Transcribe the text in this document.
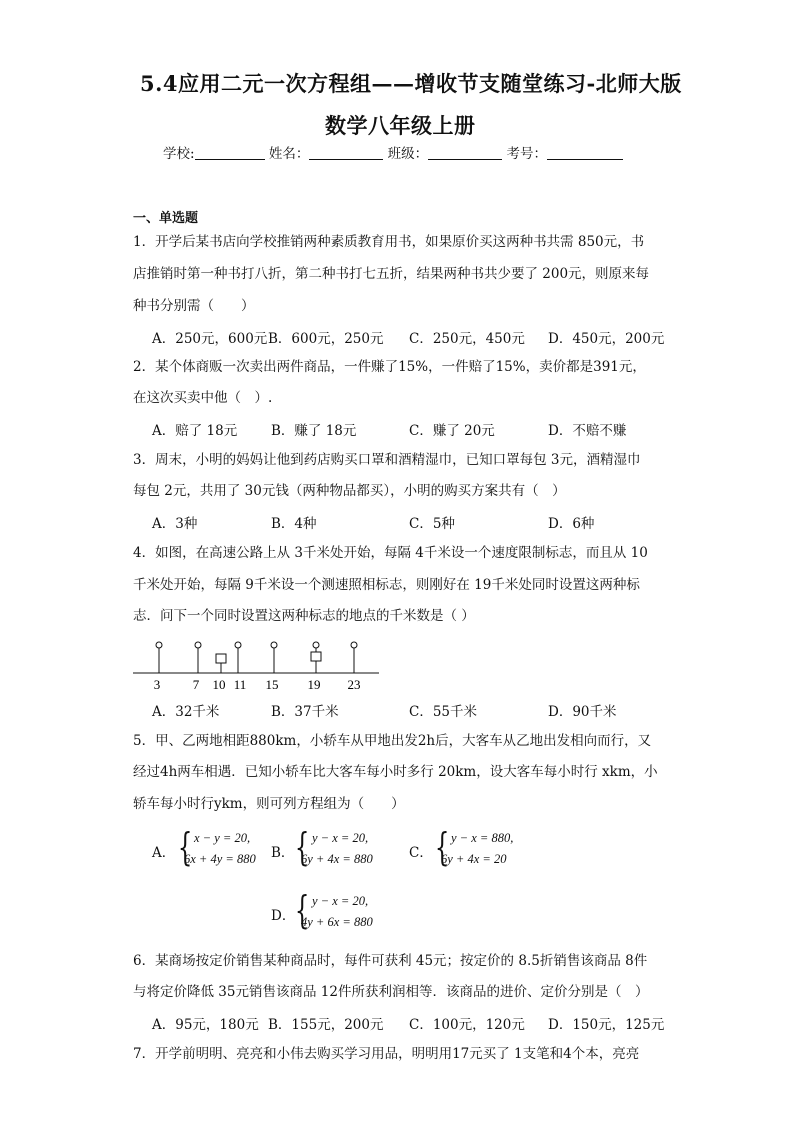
5.4应用二元一次方程组——增收节支随堂练习-北师大版
数学八年级上册
学校:	姓名：	班级：	考号：
一、单选题
1．开学后某书店向学校推销两种素质教育用书，如果原价买这两种书共需 850元，书
店推销时第一种书打八折，第二种书打七五折，结果两种书共少要了 200元，则原来每
种书分别需（　　）
A．250元，600元 B．600元，250元 C．250元，450元 D．450元，200元
2．某个体商贩一次卖出两件商品，一件赚了15%，一件赔了15%，卖价都是391元，
在这次买卖中他（　）.
A．赔了 18元	B．赚了 18元	C．赚了 20元	D．不赔不赚
3．周末，小明的妈妈让他到药店购买口罩和酒精湿巾，已知口罩每包 3元，酒精湿巾
每包 2元，共用了 30元钱（两种物品都买），小明的购买方案共有（　）
A．3种	B．4种	C．5种	D．6种
4．如图，在高速公路上从 3千米处开始，每隔 4千米设一个速度限制标志，而且从 10
千米处开始，每隔 9千米设一个测速照相标志，则刚好在 19千米处同时设置这两种标
志．问下一个同时设置这两种标志的地点的千米数是（ ）
3	7 10 11 15 19 23
A．32千米	B．37千米	C．55千米	D．90千米
5．甲、乙两地相距880km，小轿车从甲地出发2h后，大客车从乙地出发相向而行，又
经过4h两车相遇．已知小轿车比大客车每小时多行 20km，设大客车每小时行 xkm，小
轿车每小时行ykm，则可列方程组为（　　）
A． { x − y = 20,
6x + 4y = 880 B． { y − x = 20,
6y + 4x = 880	C． { y − x = 880,
6y + 4x = 20
D． { y − x = 20,
4y + 6x = 880
6．某商场按定价销售某种商品时，每件可获利 45元；按定价的 8.5折销售该商品 8件
与将定价降低 35元销售该商品 12件所获利润相等．该商品的进价、定价分别是（　）
A．95元，180元 B．155元，200元 C．100元，120元 D．150元，125元
7．开学前明明、亮亮和小伟去购买学习用品，明明用17元买了 1支笔和4个本，亮亮
